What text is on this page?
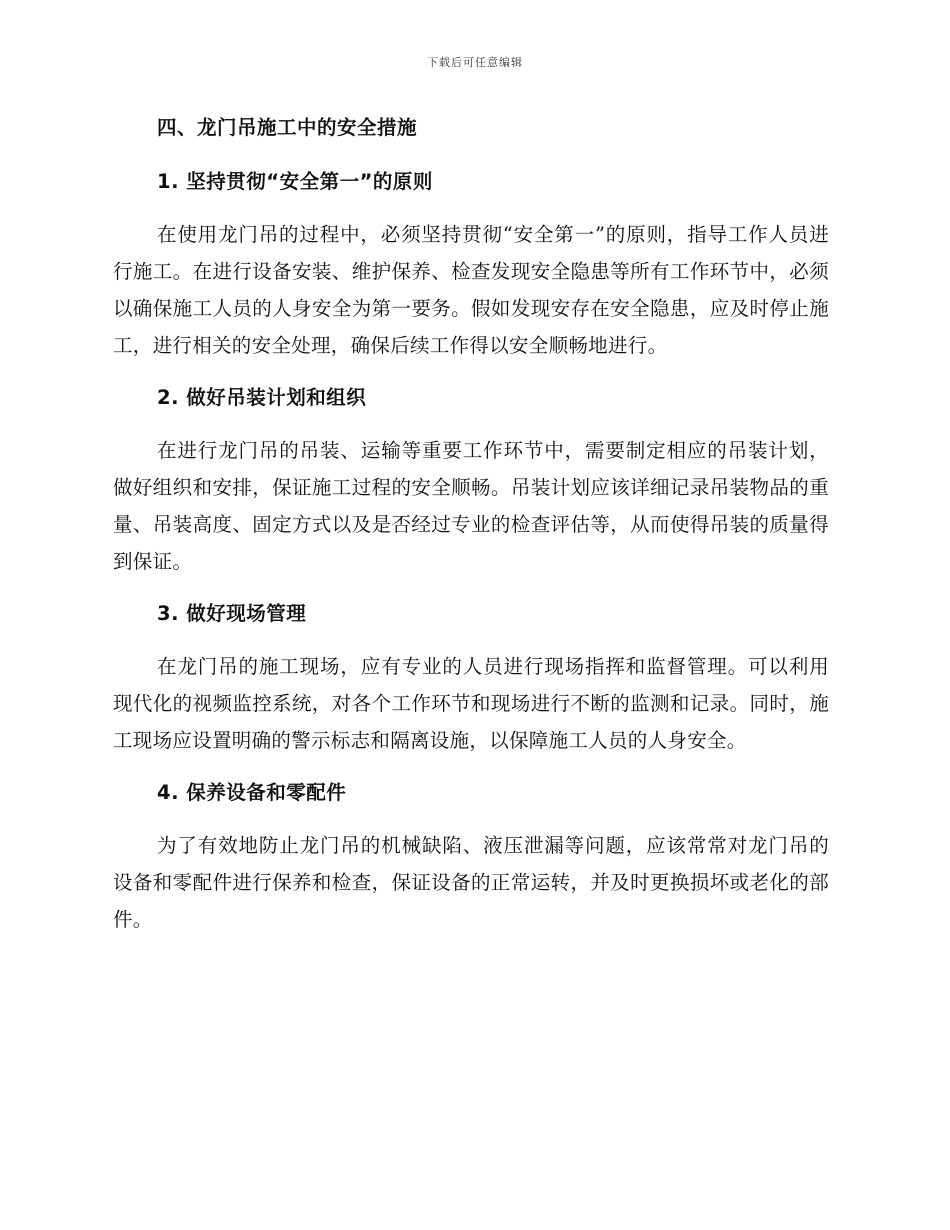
下载后可任意编辑
四、龙门吊施工中的安全措施
1. 坚持贯彻“安全第一”的原则

在使用龙门吊的过程中，必须坚持贯彻“安全第一”的原则，指导工作人员进行施工。在进行设备安装、维护保养、检查发现安全隐患等所有工作环节中，必须以确保施工人员的人身安全为第一要务。假如发现安存在安全隐患，应及时停止施工，进行相关的安全处理，确保后续工作得以安全顺畅地进行。

2. 做好吊装计划和组织

在进行龙门吊的吊装、运输等重要工作环节中，需要制定相应的吊装计划，做好组织和安排，保证施工过程的安全顺畅。吊装计划应该详细记录吊装物品的重量、吊装高度、固定方式以及是否经过专业的检查评估等，从而使得吊装的质量得到保证。

3. 做好现场管理

在龙门吊的施工现场，应有专业的人员进行现场指挥和监督管理。可以利用现代化的视频监控系统，对各个工作环节和现场进行不断的监测和记录。同时，施工现场应设置明确的警示标志和隔离设施，以保障施工人员的人身安全。

4. 保养设备和零配件

为了有效地防止龙门吊的机械缺陷、液压泄漏等问题，应该常常对龙门吊的设备和零配件进行保养和检查，保证设备的正常运转，并及时更换损坏或老化的部件。
